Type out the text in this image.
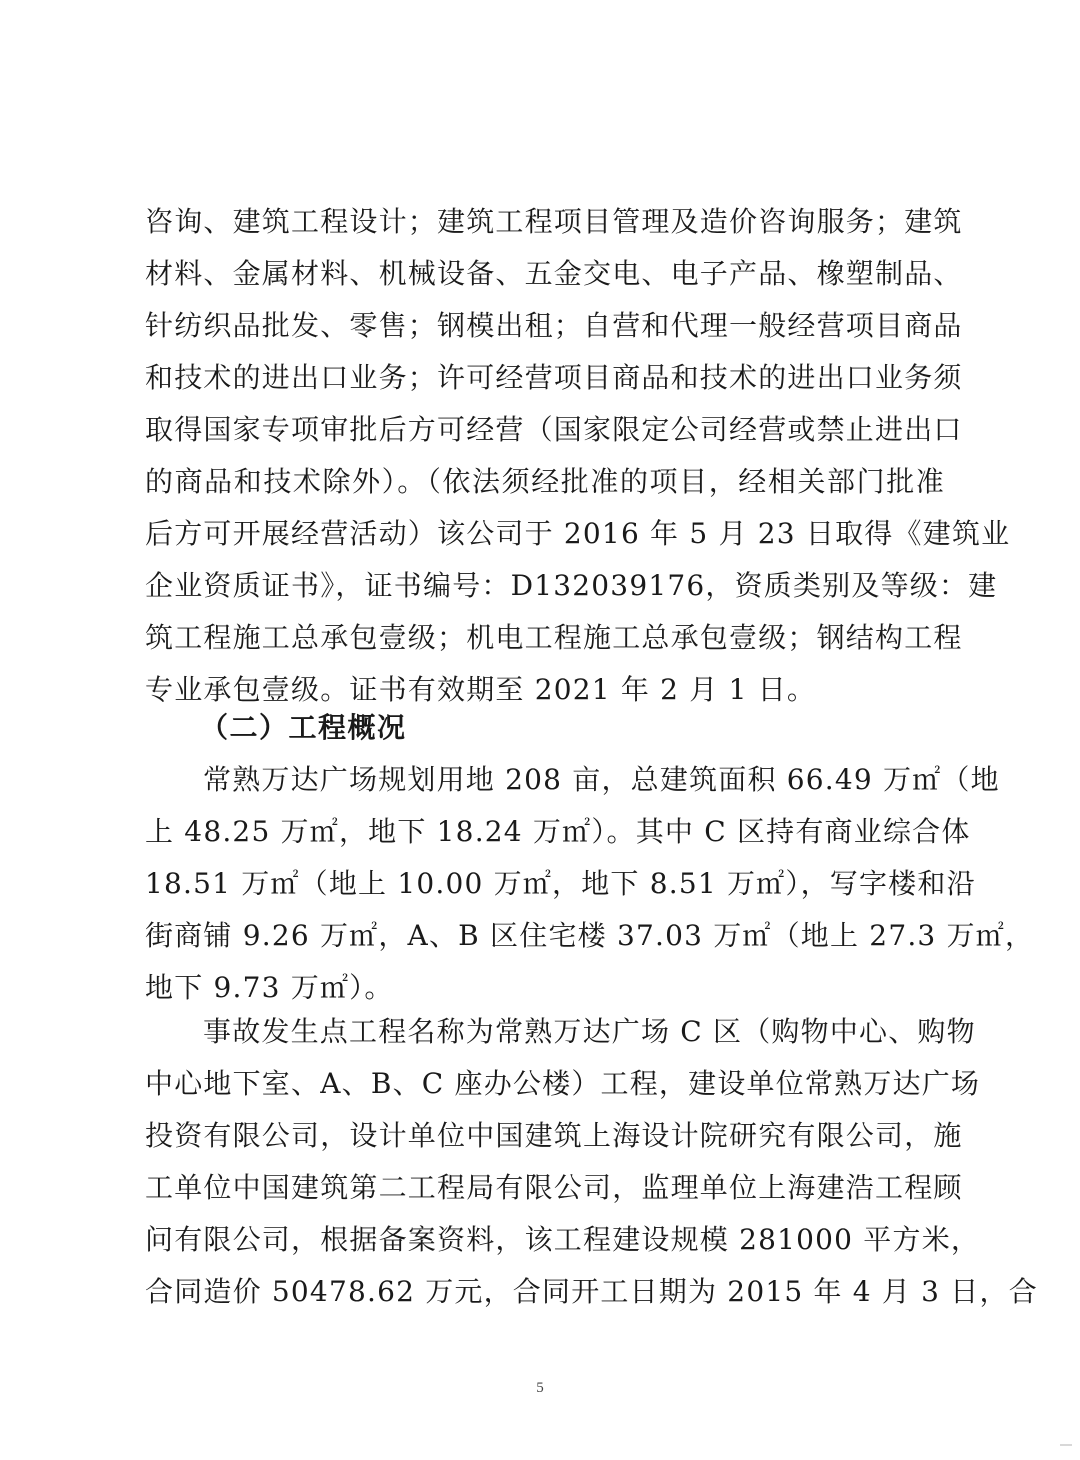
咨询、建筑工程设计；建筑工程项目管理及造价咨询服务；建筑
材料、金属材料、机械设备、五金交电、电子产品、橡塑制品、
针纺织品批发、零售；钢模出租；自营和代理一般经营项目商品
和技术的进出口业务；许可经营项目商品和技术的进出口业务须
取得国家专项审批后方可经营（国家限定公司经营或禁止进出口
的商品和技术除外）。（依法须经批准的项目，经相关部门批准
后方可开展经营活动）该公司于 2016 年 5 月 23 日取得《建筑业
企业资质证书》，证书编号：D132039176，资质类别及等级：建
筑工程施工总承包壹级；机电工程施工总承包壹级；钢结构工程
专业承包壹级。证书有效期至 2021 年 2 月 1 日。
（二）工程概况
常熟万达广场规划用地 208 亩，总建筑面积 66.49 万㎡（地
上 48.25 万㎡，地下 18.24 万㎡）。其中 C 区持有商业综合体
18.51 万㎡（地上 10.00 万㎡，地下 8.51 万㎡），写字楼和沿
街商铺 9.26 万㎡，A、B 区住宅楼 37.03 万㎡（地上 27.3 万㎡，
地下 9.73 万㎡）。
事故发生点工程名称为常熟万达广场 C 区（购物中心、购物
中心地下室、A、B、C 座办公楼）工程，建设单位常熟万达广场
投资有限公司，设计单位中国建筑上海设计院研究有限公司，施
工单位中国建筑第二工程局有限公司，监理单位上海建浩工程顾
问有限公司，根据备案资料，该工程建设规模 281000 平方米，
合同造价 50478.62 万元，合同开工日期为 2015 年 4 月 3 日，合
5
